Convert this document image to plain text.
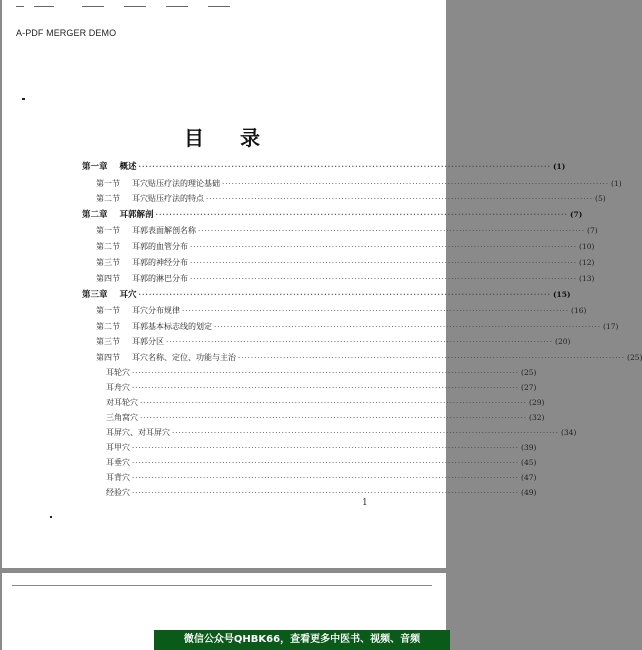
A-PDF MERGER DEMO
目 录
第一章 概述 ························································································································ (1)
第一节 耳穴贴压疗法的理论基础 ························································································································ (1)
第二节 耳穴贴压疗法的特点 ························································································································ (5)
第二章 耳郭解剖 ························································································································ (7)
第一节 耳郭表面解剖名称 ························································································································ (7)
第二节 耳郭的血管分布 ························································································································ (10)
第三节 耳郭的神经分布 ························································································································ (12)
第四节 耳郭的淋巴分布 ························································································································ (13)
第三章 耳穴 ························································································································ (15)
第一节 耳穴分布规律 ························································································································ (16)
第二节 耳郭基本标志线的划定 ························································································································ (17)
第三节 耳郭分区 ························································································································ (20)
第四节 耳穴名称、定位、功能与主治 ························································································································ (25)
耳轮穴 ························································································································ (25)
耳舟穴 ························································································································ (27)
对耳轮穴 ························································································································ (29)
三角窝穴 ························································································································ (32)
耳屏穴、对耳屏穴 ························································································································ (34)
耳甲穴 ························································································································ (39)
耳垂穴 ························································································································ (45)
耳背穴 ························································································································ (47)
经验穴 ························································································································ (49)
1
微信公众号QHBK66，查看更多中医书、视频、音频
